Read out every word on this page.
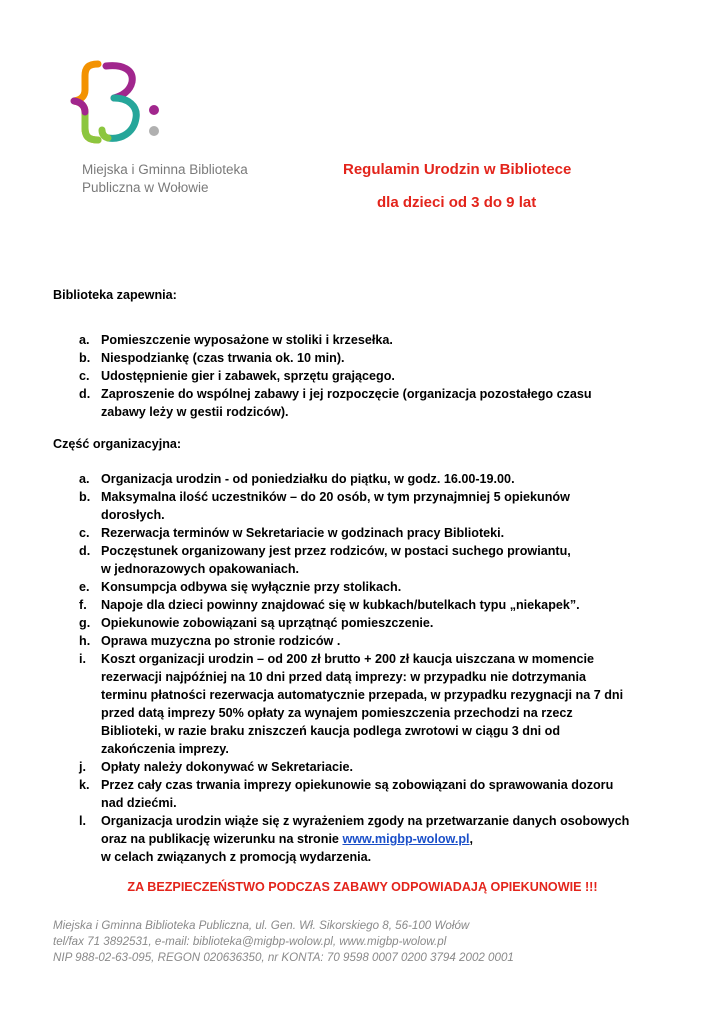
Miejska i Gminna Biblioteka
Publiczna w Wołowie
Regulamin Urodzin w Bibliotece
dla dzieci od 3 do 9 lat
Biblioteka zapewnia:
a. Pomieszczenie wyposażone w stoliki i krzesełka.
b. Niespodziankę (czas trwania ok. 10 min).
c. Udostępnienie gier i zabawek, sprzętu grającego.
d. Zaproszenie do wspólnej zabawy i jej rozpoczęcie (organizacja pozostałego czasu
zabawy leży w gestii rodziców).
Część organizacyjna:
a. Organizacja urodzin - od poniedziałku do piątku, w godz. 16.00-19.00.
b. Maksymalna ilość uczestników – do 20 osób, w tym przynajmniej 5 opiekunów
dorosłych.
c. Rezerwacja terminów w Sekretariacie w godzinach pracy Biblioteki.
d. Poczęstunek organizowany jest przez rodziców, w postaci suchego prowiantu,
w jednorazowych opakowaniach.
e. Konsumpcja odbywa się wyłącznie przy stolikach.
f. Napoje dla dzieci powinny znajdować się w kubkach/butelkach typu „niekapek”.
g. Opiekunowie zobowiązani są uprzątnąć pomieszczenie.
h. Oprawa muzyczna po stronie rodziców .
i. Koszt organizacji urodzin – od 200 zł brutto + 200 zł kaucja uiszczana w momencie
rezerwacji najpóźniej na 10 dni przed datą imprezy: w przypadku nie dotrzymania
terminu płatności rezerwacja automatycznie przepada, w przypadku rezygnacji na 7 dni
przed datą imprezy 50% opłaty za wynajem pomieszczenia przechodzi na rzecz
Biblioteki, w razie braku zniszczeń kaucja podlega zwrotowi w ciągu 3 dni od
zakończenia imprezy.
j. Opłaty należy dokonywać w Sekretariacie.
k. Przez cały czas trwania imprezy opiekunowie są zobowiązani do sprawowania dozoru
nad dziećmi.
l. Organizacja urodzin wiąże się z wyrażeniem zgody na przetwarzanie danych osobowych
oraz na publikację wizerunku na stronie www.migbp-wolow.pl,
w celach związanych z promocją wydarzenia.
ZA BEZPIECZEŃSTWO PODCZAS ZABAWY ODPOWIADAJĄ OPIEKUNOWIE !!!
Miejska i Gminna Biblioteka Publiczna, ul. Gen. Wł. Sikorskiego 8, 56-100 Wołów
tel/fax 71 3892531, e-mail: biblioteka@migbp-wolow.pl, www.migbp-wolow.pl
NIP 988-02-63-095, REGON 020636350, nr KONTA: 70 9598 0007 0200 3794 2002 0001
